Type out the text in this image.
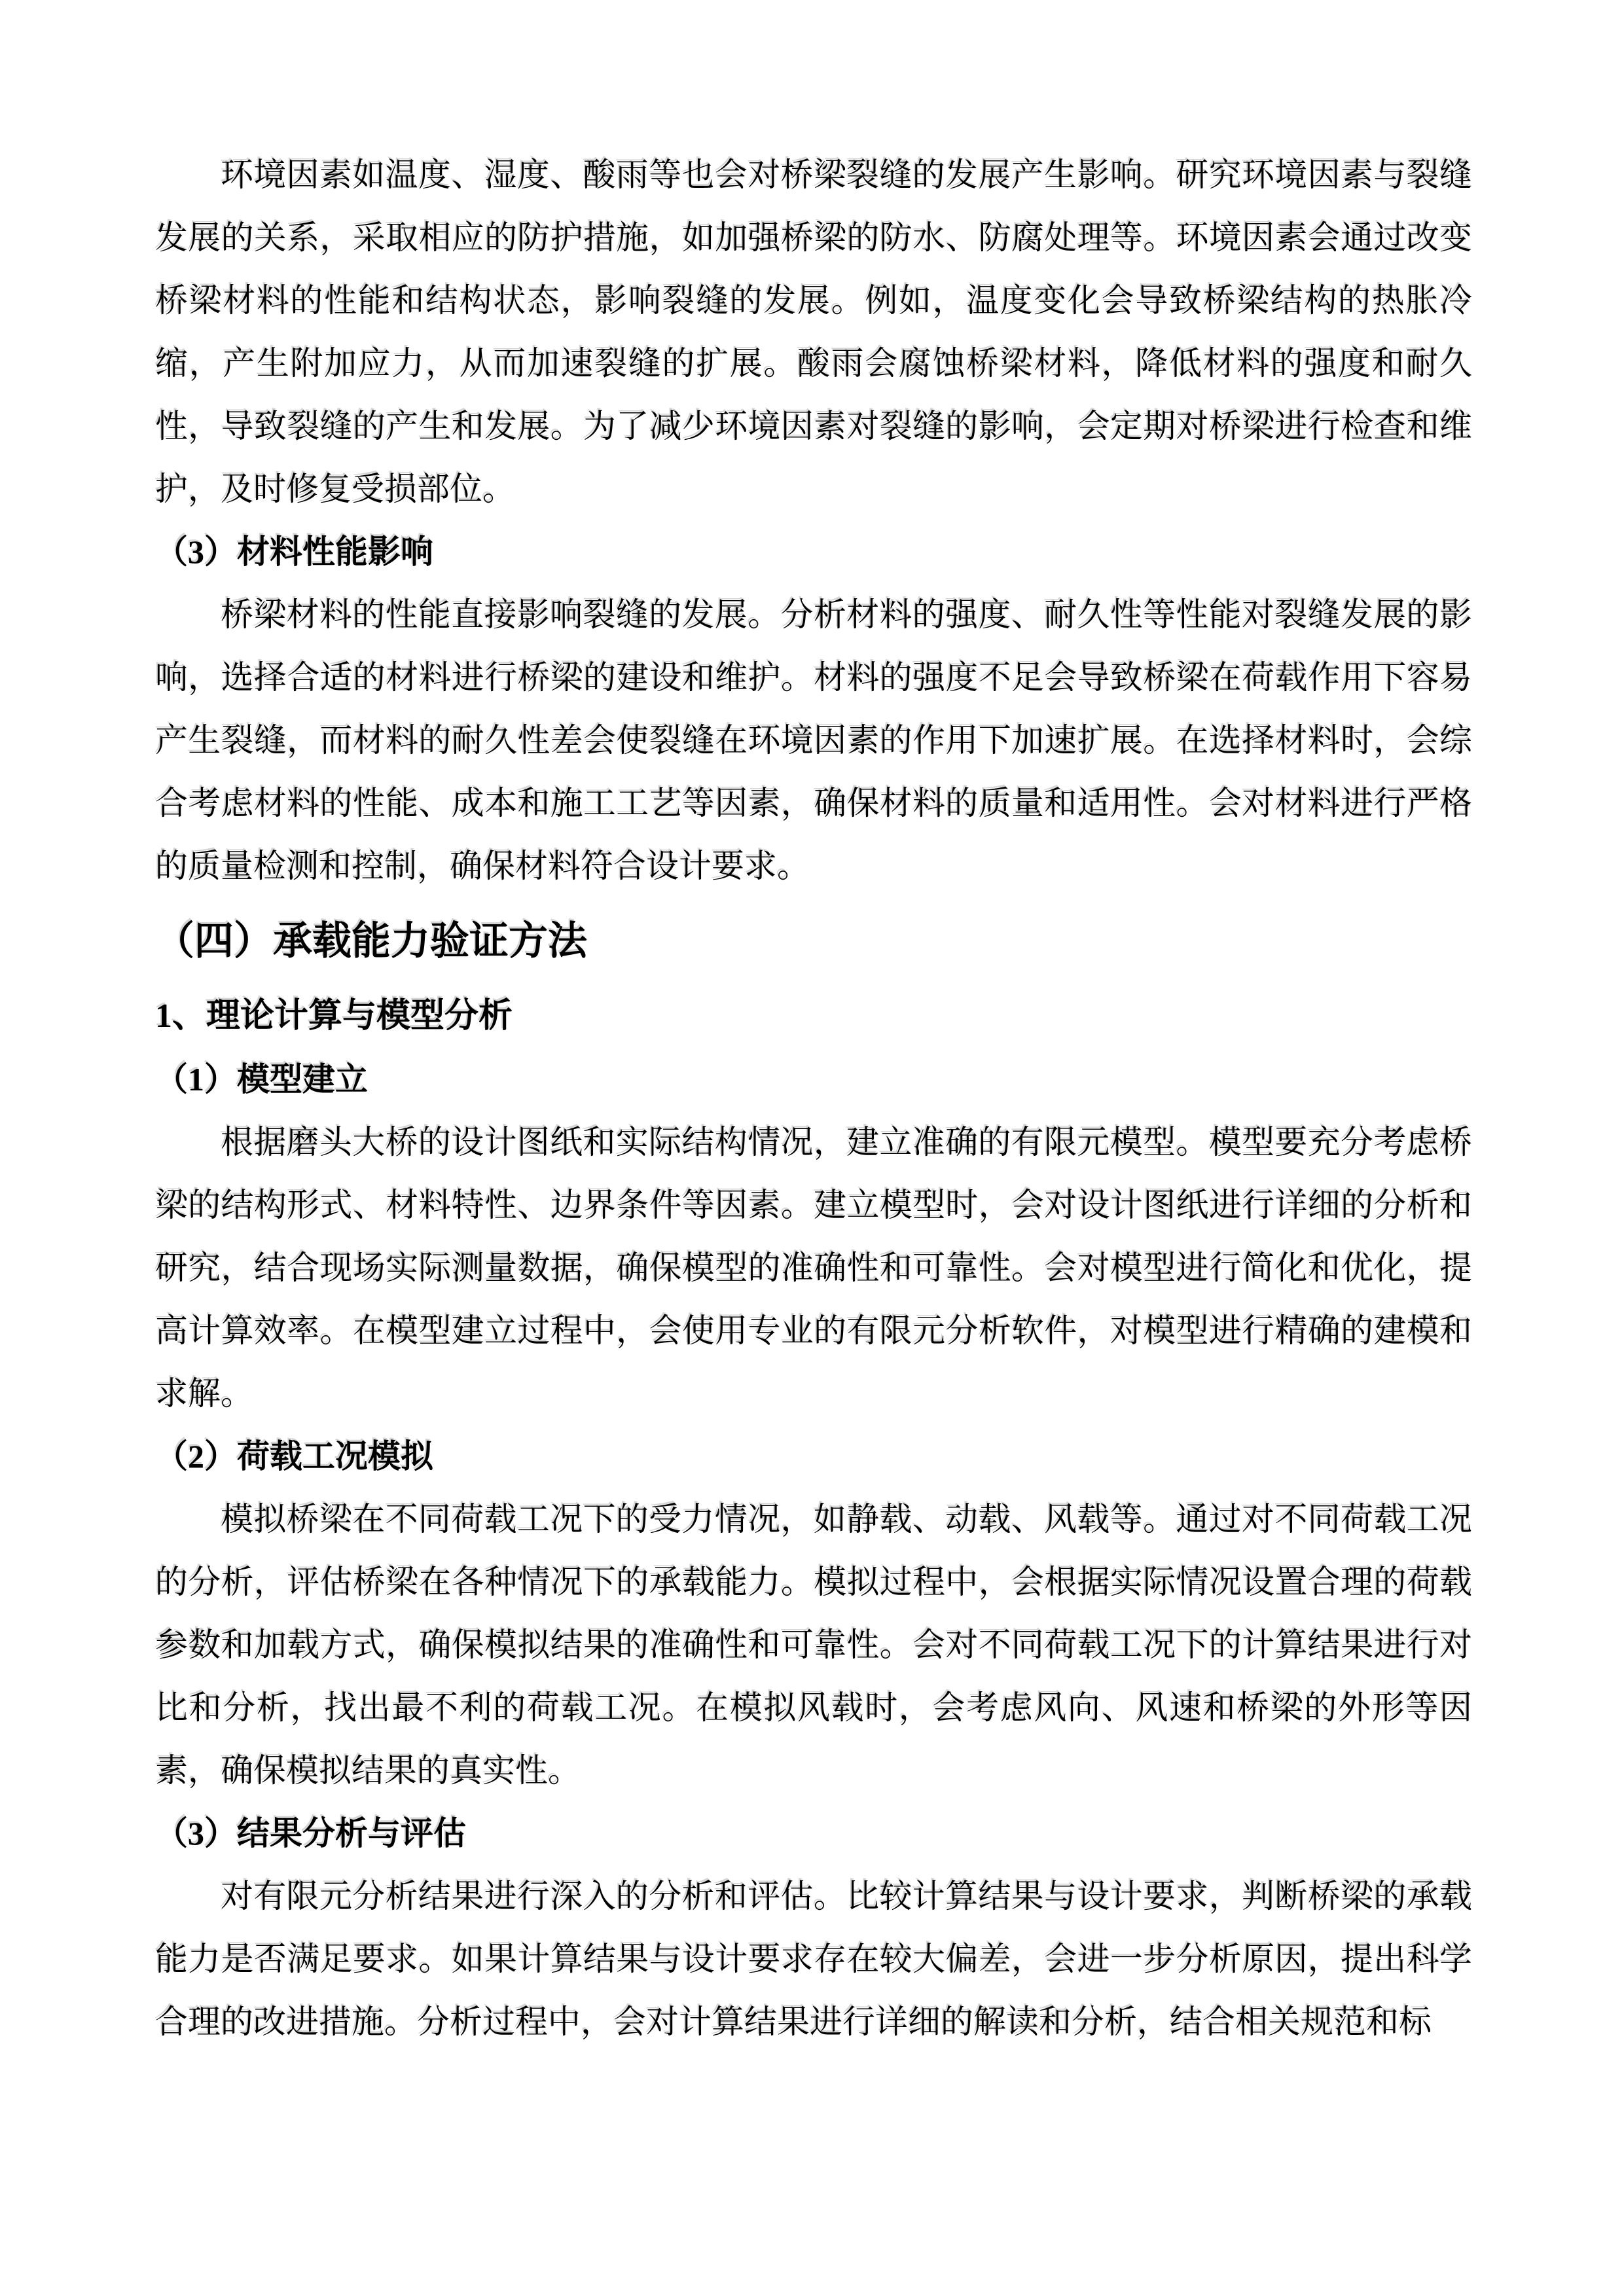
环境因素如温度、湿度、酸雨等也会对桥梁裂缝的发展产生影响。研究环境因素与裂缝发展的关系，采取相应的防护措施，如加强桥梁的防水、防腐处理等。环境因素会通过改变桥梁材料的性能和结构状态，影响裂缝的发展。例如，温度变化会导致桥梁结构的热胀冷缩，产生附加应力，从而加速裂缝的扩展。酸雨会腐蚀桥梁材料，降低材料的强度和耐久性，导致裂缝的产生和发展。为了减少环境因素对裂缝的影响，会定期对桥梁进行检查和维护，及时修复受损部位。

（3）材料性能影响

桥梁材料的性能直接影响裂缝的发展。分析材料的强度、耐久性等性能对裂缝发展的影响，选择合适的材料进行桥梁的建设和维护。材料的强度不足会导致桥梁在荷载作用下容易产生裂缝，而材料的耐久性差会使裂缝在环境因素的作用下加速扩展。在选择材料时，会综合考虑材料的性能、成本和施工工艺等因素，确保材料的质量和适用性。会对材料进行严格的质量检测和控制，确保材料符合设计要求。

（四）承载能力验证方法
1、理论计算与模型分析
（1）模型建立

根据磨头大桥的设计图纸和实际结构情况，建立准确的有限元模型。模型要充分考虑桥梁的结构形式、材料特性、边界条件等因素。建立模型时，会对设计图纸进行详细的分析和研究，结合现场实际测量数据，确保模型的准确性和可靠性。会对模型进行简化和优化，提高计算效率。在模型建立过程中，会使用专业的有限元分析软件，对模型进行精确的建模和求解。

（2）荷载工况模拟

模拟桥梁在不同荷载工况下的受力情况，如静载、动载、风载等。通过对不同荷载工况的分析，评估桥梁在各种情况下的承载能力。模拟过程中，会根据实际情况设置合理的荷载参数和加载方式，确保模拟结果的准确性和可靠性。会对不同荷载工况下的计算结果进行对比和分析，找出最不利的荷载工况。在模拟风载时，会考虑风向、风速和桥梁的外形等因素，确保模拟结果的真实性。

（3）结果分析与评估

对有限元分析结果进行深入的分析和评估。比较计算结果与设计要求，判断桥梁的承载能力是否满足要求。如果计算结果与设计要求存在较大偏差，会进一步分析原因，提出科学合理的改进措施。分析过程中，会对计算结果进行详细的解读和分析，结合相关规范和标
